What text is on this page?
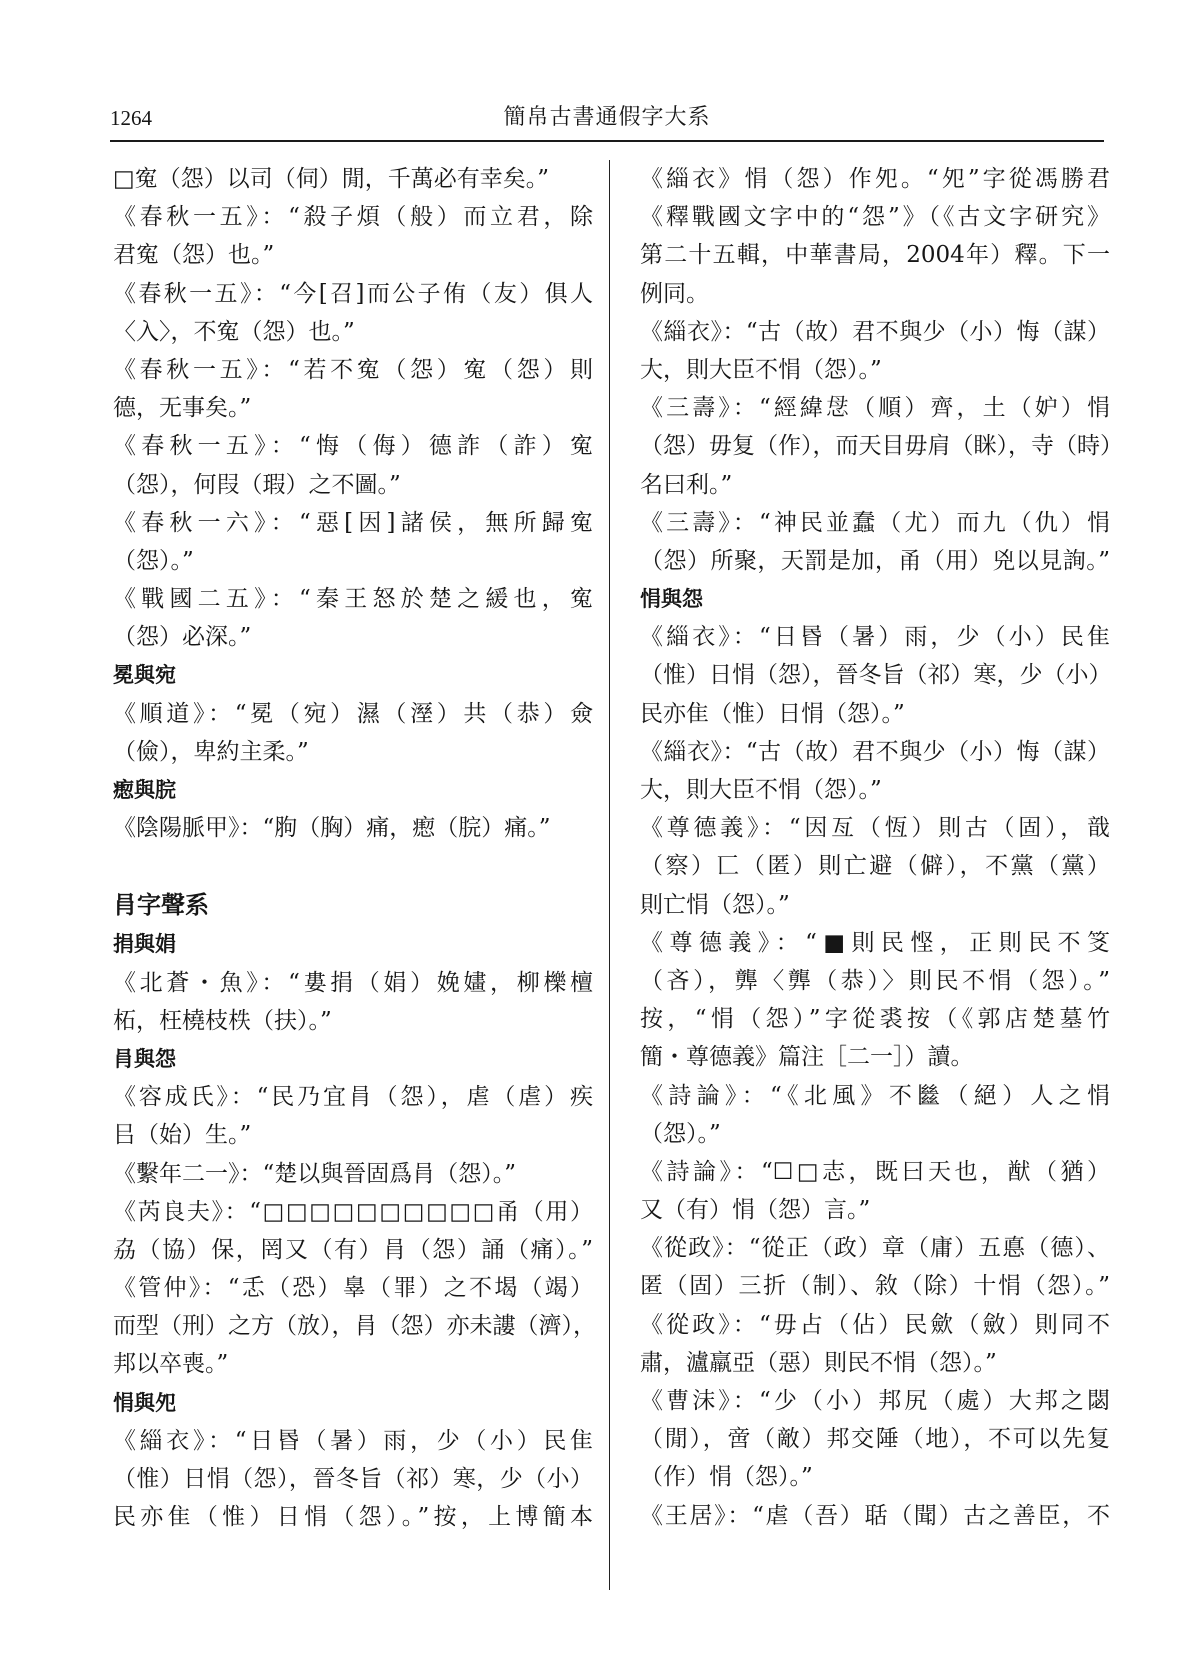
1264	簡帛古書通假字大系
□寃（怨）以司（伺）閒，千萬必有幸矣。”
《春秋一五》：“殺子煩（般）而立君，除
君寃（怨）也。”
《春秋一五》：“今[召]而公子侑（友）俱人
〈入〉，不寃（怨）也。”
《春秋一五》：“若不寃（怨）寃（怨）則
德，无事矣。”
《春秋一五》：“悔（侮）德詐（詐）寃
（怨），何叚（瑕）之不圖。”
《春秋一六》：“惡[因]諸侯，無所歸寃
（怨）。”
《戰國二五》：“秦王怒於楚之緩也，寃
（怨）必深。”
冕與宛
《順道》：“冕（宛）濕（溼）共（恭）僉
（儉），卑約主柔。”
瘛與脘
《陰陽脈甲》：“胊（胸）痛，瘛（脘）痛。”
肙字聲系
捐與娟
《北蒼・魚》：“婁捐（娟）娩嫿，柳櫟檀
柘，枉橈枝柣（扶）。”
肙與怨
《容成氏》：“民乃宜肙（怨），虐（虐）疾
㠯（始）生。”
《繫年二一》：“楚以與晉固爲肙（怨）。”
《芮良夫》：“□□□□□□□□□□甬（用）
劦（協）保，罔又（有）肙（怨）誦（痛）。”
《管仲》：“忎（恐）辠（罪）之不堨（竭）
而型（刑）之方（放），肙（怨）亦未謱（濟），
邦以卒喪。”
悁與夗
《緇衣》：“日昬（暑）雨，少（小）民隹
（惟）日悁（怨），晉冬旨（祁）寒，少（小）
民亦隹（惟）日悁（怨）。”按，上博簡本
《緇衣》悁（怨）作夗。“夗”字從馮勝君
《釋戰國文字中的“怨”》（《古文字研究》
第二十五輯，中華書局，2004年）釋。下一
例同。
《緇衣》：“古（故）君不與少（小）悔（謀）
大，則大臣不悁（怨）。”
《三壽》：“經緯𢘓（順）齊，土（妒）悁
（怨）毋复（作），而天目毋肩（眯），寺（時）
名曰利。”
《三壽》：“神民並蠢（尤）而九（仇）悁
（怨）所聚，天罰是加，甬（用）兇以見詢。”
悁與怨
《緇衣》：“日昬（暑）雨，少（小）民隹
（惟）日悁（怨），晉冬旨（祁）寒，少（小）
民亦隹（惟）日悁（怨）。”
《緇衣》：“古（故）君不與少（小）悔（謀）
大，則大臣不悁（怨）。”
《尊德義》：“因亙（恆）則古（固），戠
（察）匸（匿）則亡避（僻），不黨（黨）
則亡悁（怨）。”
《尊德義》：“■則民悭，正則民不笅
（吝），龏〈龏（恭）〉則民不悁（怨）。”
按，“悁（怨）”字從裘按（《郭店楚墓竹
簡・尊德義》篇注［二一］）讀。
《詩論》：“《北風》不㡭（絕）人之悁
（怨）。”
《詩論》：“☐□志，既曰天也，猷（猶）
又（有）悁（怨）言。”
《從政》：“從正（政）章（庸）五悳（德）、
匿（固）三折（制）、敘（除）十悁（怨）。”
《從政》：“毋占（佔）民歛（斂）則同不
肅，瀘羸亞（惡）則民不悁（怨）。”
《曹沫》：“少（小）邦尻（處）大邦之閟
（閒），啻（敵）邦交陲（地），不可以先复
（作）悁（怨）。”
《王居》：“虐（吾）聒（聞）古之善臣，不
